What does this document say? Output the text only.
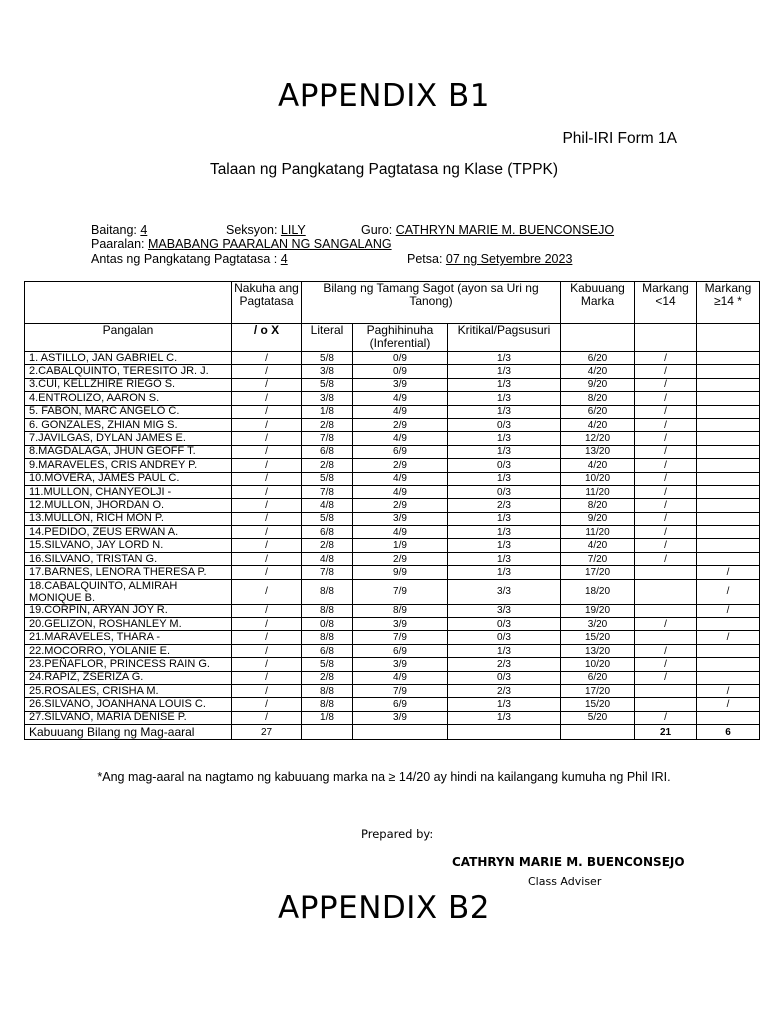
APPENDIX B1
Phil-IRI Form 1A
Talaan ng Pangkatang Pagtatasa ng Klase (TPPK)
Baitang: 4	Seksyon: LILY	Guro: CATHRYN MARIE M. BUENCONSEJO
Paaralan: MABABANG PAARALAN NG SANGALANG
Antas ng Pangkatang Pagtatasa : 4	Petsa: 07 ng Setyembre 2023
	Nakuha ang Pagtatasa	Bilang ng Tamang Sagot (ayon sa Uri ng Tanong)			Kabuuang Marka	Markang <14	Markang ≥14 *
Pangalan	/ o X	Literal	Paghihinuha (Inferential)	Kritikal/Pagsusuri			
1. ASTILLO, JAN GABRIEL C.	/	5/8	0/9	1/3	6/20	/	
2.CABALQUINTO, TERESITO JR. J.	/	3/8	0/9	1/3	4/20	/	
3.CUI, KELLZHIRE RIEGO S.	/	5/8	3/9	1/3	9/20	/	
4.ENTROLIZO, AARON S.	/	3/8	4/9	1/3	8/20	/	
5. FABON, MARC ANGELO C.	/	1/8	4/9	1/3	6/20	/	
6. GONZALES, ZHIAN MIG S.	/	2/8	2/9	0/3	4/20	/	
7.JAVILGAS, DYLAN JAMES E.	/	7/8	4/9	1/3	12/20	/	
8.MAGDALAGA, JHUN GEOFF T.	/	6/8	6/9	1/3	13/20	/	
9.MARAVELES, CRIS ANDREY P.	/	2/8	2/9	0/3	4/20	/	
10.MOVERA, JAMES PAUL C.	/	5/8	4/9	1/3	10/20	/	
11.MULLON, CHANYEOLJI -	/	7/8	4/9	0/3	11/20	/	
12.MULLON, JHORDAN O.	/	4/8	2/9	2/3	8/20	/	
13.MULLON, RICH MON P.	/	5/8	3/9	1/3	9/20	/	
14.PEDIDO, ZEUS ERWAN A.	/	6/8	4/9	1/3	11/20	/	
15.SILVANO, JAY LORD N.	/	2/8	1/9	1/3	4/20	/	
16.SILVANO, TRISTAN G.	/	4/8	2/9	1/3	7/20	/	
17.BARNES, LENORA THERESA P.	/	7/8	9/9	1/3	17/20		/
18.CABALQUINTO, ALMIRAH MONIQUE B.	/	8/8	7/9	3/3	18/20		/
19.CORPIN, ARYAN JOY R.	/	8/8	8/9	3/3	19/20		/
20.GELIZON, ROSHANLEY M.	/	0/8	3/9	0/3	3/20	/	
21.MARAVELES, THARA -	/	8/8	7/9	0/3	15/20		/
22.MOCORRO, YOLANIE E.	/	6/8	6/9	1/3	13/20	/	
23.PEÑAFLOR, PRINCESS RAIN G.	/	5/8	3/9	2/3	10/20	/	
24.RAPIZ, ZSERIZA G.	/	2/8	4/9	0/3	6/20	/	
25.ROSALES, CRISHA M.	/	8/8	7/9	2/3	17/20		/
26.SILVANO, JOANHANA LOUIS C.	/	8/8	6/9	1/3	15/20		/
27.SILVANO, MARIA DENISE P.	/	1/8	3/9	1/3	5/20	/	
Kabuuang Bilang ng Mag-aaral	27					21	6
*Ang mag-aaral na nagtamo ng kabuuang marka na ≥ 14/20 ay hindi na kailangang kumuha ng Phil IRI.
Prepared by:
CATHRYN MARIE M. BUENCONSEJO
Class Adviser
APPENDIX B2
